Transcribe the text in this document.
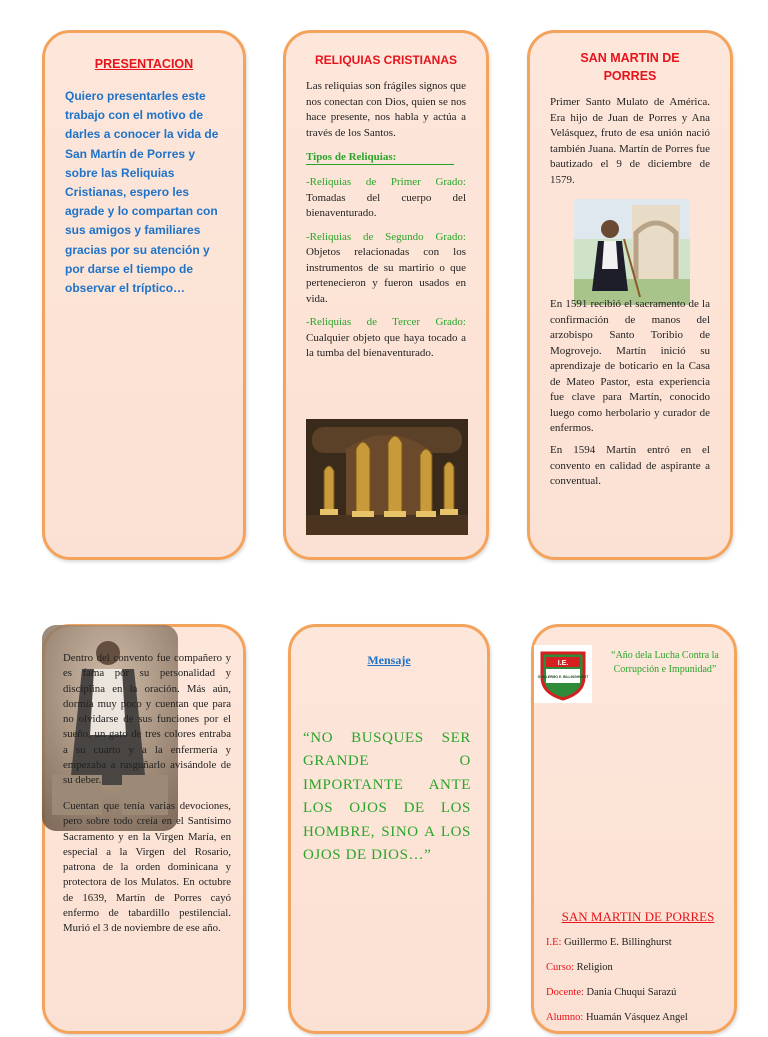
PRESENTACION

Quiero presentarles este trabajo con el motivo de darles a conocer la vida de San Martín de Porres y sobre las Reliquias Cristianas, espero les agrade y lo compartan con sus amigos y familiares gracias por su atención y por darse el tiempo de observar el tríptico…

RELIQUIAS CRISTIANAS

Las reliquias son frágiles signos que nos conectan con Dios, quien se nos hace presente, nos habla y actúa a través de los Santos.

Tipos de Reliquias:

-Reliquias de Primer Grado: Tomadas del cuerpo del bienaventurado.

-Reliquias de Segundo Grado: Objetos relacionadas con los instrumentos de su martirio o que pertenecieron y fueron usados en vida.

-Reliquias de Tercer Grado: Cualquier objeto que haya tocado a la tumba del bienaventurado.

SAN MARTIN DE PORRES

Primer Santo Mulato de América. Era hijo de Juan de Porres y Ana Velásquez, fruto de esa unión nació también Juana. Martín de Porres fue bautizado el 9 de diciembre de 1579.

En 1591 recibió el sacramento de la confirmación de manos del arzobispo Santo Toribio de Mogrovejo. Martín inició su aprendizaje de boticario en la Casa de Mateo Pastor, esta experiencia fue clave para Martín, conocido luego como herbolario y curador de enfermos.

En 1594 Martín entró en el convento en calidad de aspirante a conventual.

Dentro del convento fue compañero y es fama por su personalidad y disciplina en la oración. Más aún, dormía muy poco y cuentan que para no olvidarse de sus funciones por el sueño, un gato de tres colores entraba a su cuarto y a la enfermería y empezaba a rasguñarlo avisándole de su deber.

Cuentan que tenía varias devociones, pero sobre todo creía en el Santísimo Sacramento y en la Virgen María, en especial a la Virgen del Rosario, patrona de la orden dominicana y protectora de los Mulatos. En octubre de 1639, Martín de Porres cayó enfermo de tabardillo pestilencial. Murió el 3 de noviembre de ese año.

Mensaje

“NO BUSQUES SER GRANDE O IMPORTANTE ANTE LOS OJOS DE LOS HOMBRE, SINO A LOS OJOS DE DIOS…”

I.E.
GUILLERMO E. BILLINGHURST
“Año dela Lucha Contra la Corrupción e Impunidad”
SAN MARTIN DE PORRES
I.E: Guillermo E. Billinghurst
Curso: Religion
Docente: Dania Chuqui Sarazú
Alumno: Huamán Vásquez Angel
